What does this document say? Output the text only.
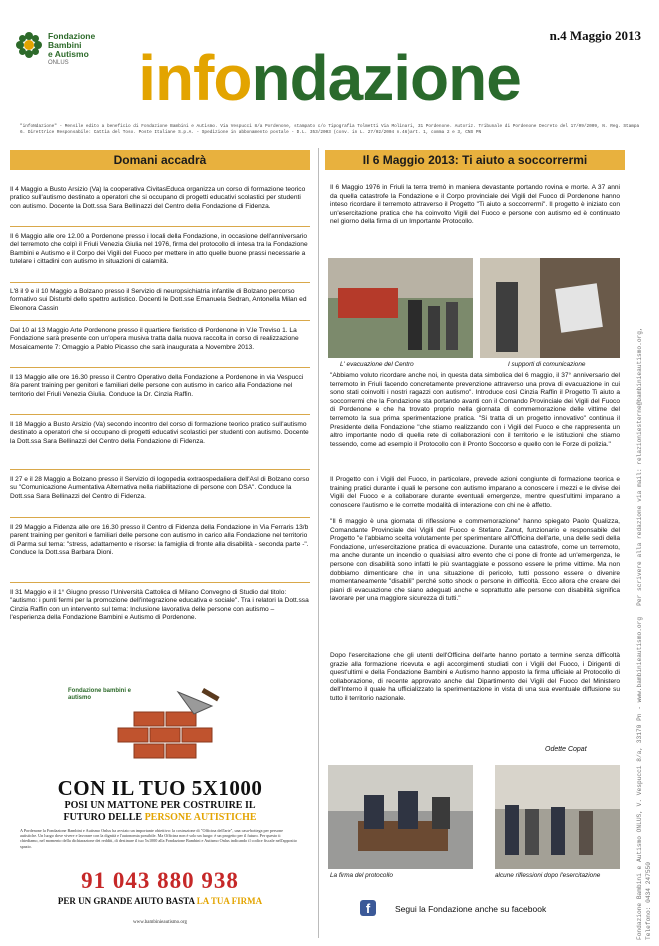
Fondazione
Bambini
e Autismo
ONLUS
n.4 Maggio 2013
infondazione
"infoNdazione" - Mensile edito a beneficio di Fondazione Bambini e Autismo. Via Vespucci 8/a Pordenone, stampato c/o Tipografia Tolmetti Via Molinari, 31 Pordenone. Autoriz. Tribunale di Pordenone Decreto del 17/09/2009, N. Reg. Stampa 6. Direttrice Responsabile: Cattia del Toso. Poste Italiane S.p.A. - Spedizione in abbonamento postale - D.L. 353/2003 (conv. in L. 27/02/2004 n.46)art. 1, comma 2 e 3, CNS PN
Domani accadrà	Il 6 Maggio 2013: Ti aiuto a soccorrermi
Il 4 Maggio a Busto Arsizio (Va) la cooperativa CivitasEduca organizza un corso di formazione teorico pratico sull'autismo destinato a operatori che si occupano di progetti educativi scolastici per studenti con autismo. Docente la Dott.ssa Sara Bellinazzi del Centro della Fondazione di Fidenza.
Il 6 Maggio alle ore 12.00 a Pordenone presso i locali della Fondazione, in occasione dell'anniversario del terremoto che colpì il Friuli Venezia Giulia nel 1976, firma del protocollo di intesa tra la Fondazione Bambini e Autismo e il Corpo dei Vigili del Fuoco per mettere in atto quelle buone prassi necessarie a tutelare i cittadini con autismo in situazioni di calamità.
L'8 il 9 e il 10 Maggio a Bolzano presso il Servizio di neuropsichiatria infantile di Bolzano percorso formativo sui Disturbi dello spettro autistico. Docenti le Dott.sse Emanuela Sedran, Antonella Milan ed Eleonora Cassin
Dal 10 al 13 Maggio Arte Pordenone presso il quartiere fieristico di Pordenone in V.le Treviso 1. La Fondazione sarà presente con un'opera musiva tratta dalla nuova raccolta in corso di realizzazione Mosaicamente 7: Omaggio a Pablo Picasso che sarà inaugurata a Novembre 2013.
Il 13 Maggio alle ore 16.30 presso il Centro Operativo della Fondazione a Pordenone in via Vespucci 8/a parent training per genitori e familiari delle persone con autismo in carico alla Fondazione nel territorio del Friuli Venezia Giulia. Conduce la Dr. Cinzia Raffin.
Il 18 Maggio a Busto Arsizio (Va) secondo incontro del corso di formazione teorico pratico sull'autismo destinato a operatori che si occupano di progetti educativi scolastici per studenti con autismo. Docente la Dott.ssa Sara Bellinazzi del Centro della Fondazione di Fidenza.
Il 27 e il 28 Maggio a Bolzano presso il Servizio di logopedia extraospedaliera dell'Asl di Bolzano corso su "Comunicazione Aumentativa Alternativa nella riabilitazione di persone con DSA". Conduce la Dott.ssa Sara Bellinazzi del Centro di Fidenza.
Il 29 Maggio a Fidenza alle ore 16.30 presso il Centro di Fidenza della Fondazione in Via Ferraris 13/b parent training per genitori e familiari delle persone con autismo in carico alla Fondazione nel territorio di Parma sul tema: "stress, adattamento e risorse: la famiglia di fronte alla disabilità - seconda parte -". Conduce la Dott.ssa Barbara Dioni.
Il 31 Maggio e il 1° Giugno presso l'Università Cattolica di Milano Convegno di Studio dal titolo: "autismo: i punti fermi per la promozione dell'integrazione educativa e sociale". Tra i relatori la Dott.ssa Cinzia Raffin con un intervento sul tema: Inclusione lavorativa delle persone con autismo – l'esperienza della Fondazione Bambini e Autismo di Pordenone.
Fondazione bambini e autismo
CON IL TUO 5X1000
POSI UN MATTONE PER COSTRUIRE IL
FUTURO DELLE PERSONE AUTISTICHE
A Pordenone la Fondazione Bambini e Autismo Onlus ha avviato un importante obiettivo: la costruzione di "Officina dell'arte", una casa-bottega per persone autistiche. Un luogo dove vivere e lavorare con la dignità e l'autonomia possibile. Ma Officina non è solo un luogo: è un progetto per il futuro. Per questo ti chiediamo, nel momento della dichiarazione dei redditi, di destinare il tuo 5x1000 alla Fondazione Bambini e Autismo Onlus indicando il codice fiscale nell'apposito spazio.
91 043 880 938
PER UN GRANDE AIUTO BASTA LA TUA FIRMA
www.bambinieautismo.org
Il 6 Maggio 1976 in Friuli la terra tremò in maniera devastante portando rovina e morte. A 37 anni da quella catastrofe la Fondazione e il Corpo provinciale dei Vigili del Fuoco di Pordenone hanno inteso ricordare il terremoto attraverso il Progetto "Ti aiuto a soccorrermi". Il progetto è iniziato con un'esercitazione pratica che ha coinvolto Vigili del Fuoco e persone con autismo ed è continuato nel giorno della firma di un Importante Protocollo.
L' evacuazione del Centro	I supporti di comunicazione
"Abbiamo voluto ricordare anche noi, in questa data simbolica del 6 maggio, il 37° anniversario del terremoto in Friuli facendo concretamente prevenzione attraverso una prova di evacuazione in cui sono stati coinvolti i nostri ragazzi con autismo". Introduce così Cinzia Raffin il Progetto Ti aiuto a soccorrermi che la Fondazione sta portando avanti con il Comando Provinciale dei Vigili del Fuoco di Pordenone e che ha trovato proprio nella giornata di commemorazione delle vittime del terremoto la sua prima sperimentazione pratica. "Si tratta di un progetto innovativo" continua il Presidente della Fondazione "che stiamo realizzando con i Vigili del Fuoco e che rappresenta un altro importante nodo di quella rete di collaborazioni con il territorio e le istituzioni che stiamo tessendo, come ad esempio il Protocollo con il Pronto Soccorso e quello con le Forze di polizia."
Il Progetto con i Vigili del Fuoco, in particolare, prevede azioni congiunte di formazione teorica e training pratici durante i quali le persone con autismo imparano a conoscere i mezzi e le divise dei Vigili del Fuoco e a collaborare durante eventuali emergenze, mentre quest'ultimi imparano a conoscere l'autismo e le corrette modalità di interazione con chi ne è affetto.
"Il 6 maggio è una giornata di riflessione e commemorazione" hanno spiegato Paolo Qualizza, Comandante Provinciale dei Vigili del Fuoco e Stefano Zanut, funzionario e responsabile del Progetto "e l'abbiamo scelta volutamente per sperimentare all'Officina dell'arte, una delle sedi della Fondazione, un'esercitazione pratica di evacuazione. Durante una catastrofe, come un terremoto, ma anche durante un incendio o qualsiasi altro evento che ci pone di fronte ad un'emergenza, le persone con disabilità sono infatti le più svantaggiate e possono essere le prime vittime. Ma non dobbiamo dimenticare che in una situazione di pericolo, tutti possono essere o divenire momentaneamente "disabili" perché sotto shock o persone in difficoltà. Ecco allora che creare dei piani di evacuazione che siano adeguati anche e soprattutto alle persone con disabilità significa lavorare per una maggiore sicurezza di tutti."
Dopo l'esercitazione che gli utenti dell'Officina dell'arte hanno portato a termine senza difficoltà grazie alla formazione ricevuta e agli accorgimenti studiati con i Vigili del Fuoco, i Dirigenti di quest'ultimi e della Fondazione Bambini e Autismo hanno apposto la firma ufficiale al Protocollo di collaborazione, di recente approvato anche dal Dipartimento dei Vigili del Fuoco del Ministero dell'Interno il quale ha ufficializzato la sperimentazione in vista di una sua eventuale diffusione su tutto il territorio nazionale.
Odette Copat
La firma del protocollo	alcune riflessioni dopo l'esercitazione
f	Segui la Fondazione anche su facebook	Fondazione Bambini e Autismo ONLUS, V. Vespucci 8/a, 33170 Pn - www.bambinieautismo.org   Per scrivere alla redazione via mail: relazioniesterne@bambinieautismo.org,
Telefono: 0434 247550
